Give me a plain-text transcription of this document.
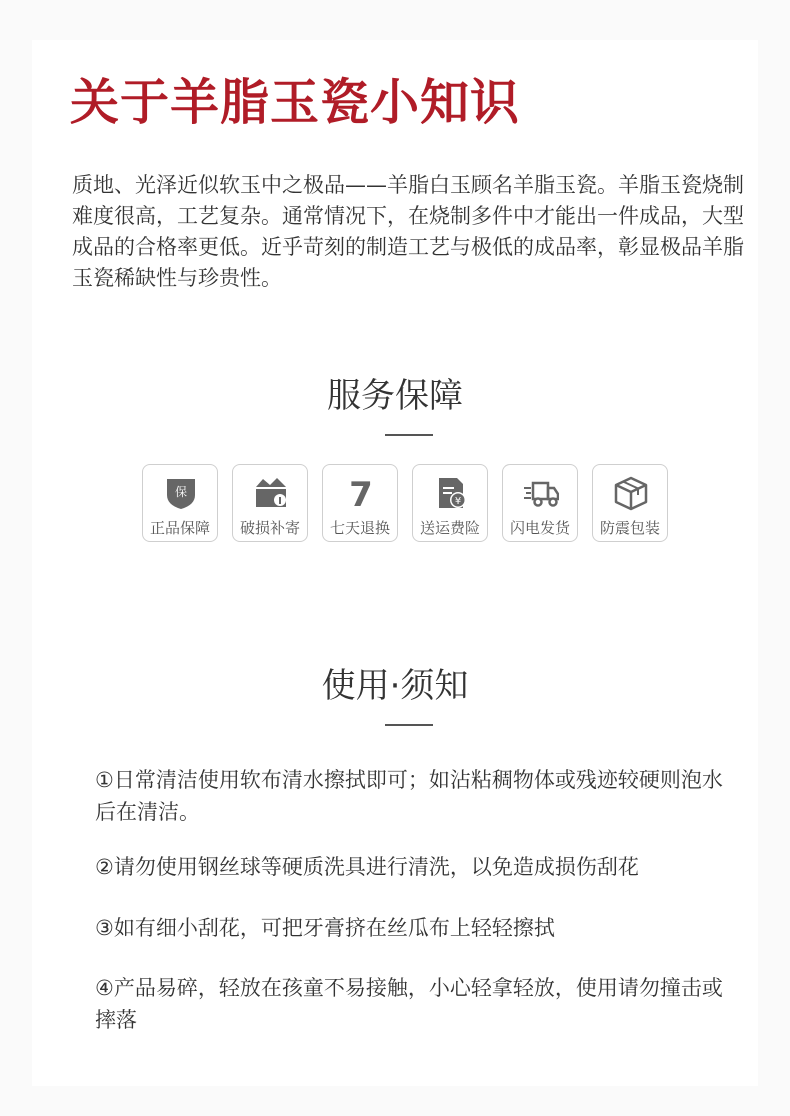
关于羊脂玉瓷小知识
质地、光泽近似软玉中之极品——羊脂白玉顾名羊脂玉瓷。羊脂玉瓷烧制难度很高，工艺复杂。通常情况下，在烧制多件中才能出一件成品，大型成品的合格率更低。近乎苛刻的制造工艺与极低的成品率，彰显极品羊脂玉瓷稀缺性与珍贵性。
服务保障
保
正品保障	破损补寄
7
七天退换
¥
送运费险	闪电发货	防震包装
使用·须知
①日常清洁使用软布清水擦拭即可；如沾粘稠物体或残迹较硬则泡水后在清洁。
②请勿使用钢丝球等硬质洗具进行清洗，以免造成损伤刮花
③如有细小刮花，可把牙膏挤在丝瓜布上轻轻擦拭
④产品易碎，轻放在孩童不易接触，小心轻拿轻放，使用请勿撞击或摔落
